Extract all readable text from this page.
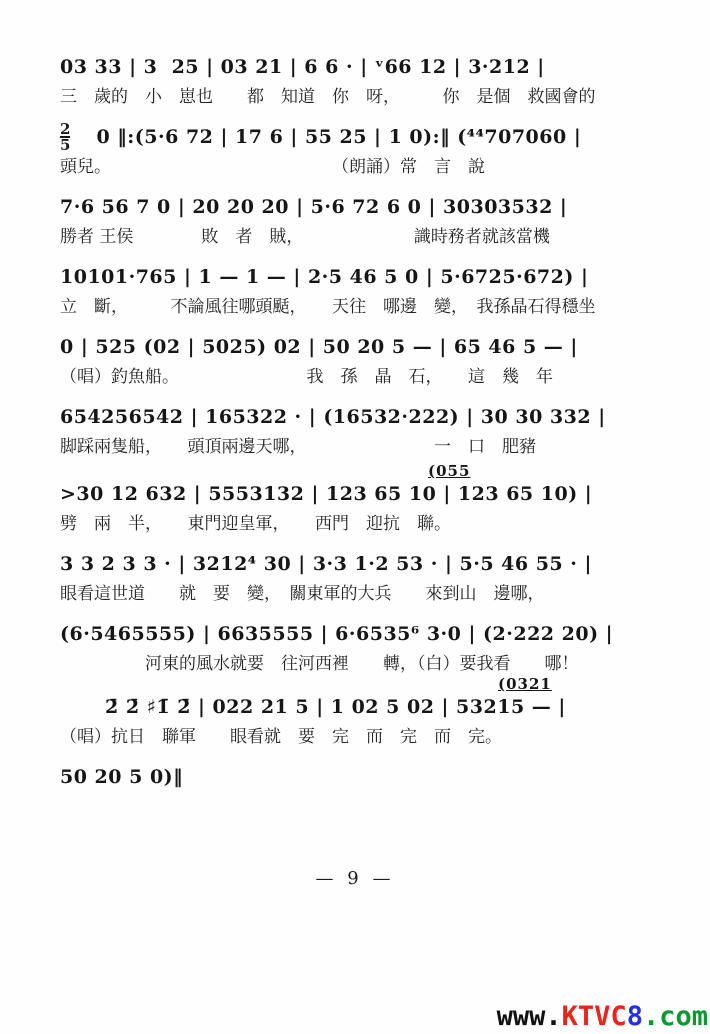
03 33 | 3  25 | 03 21 | 6 6 · | ᵛ66 12 | 3·212 |
三　歲的　小　崽也　　都　知道　你　呀，　　　你　是個　救國會的
2
5 0 ‖:(5·6 72 | 17 6 | 55 25 | 1 0):‖ (⁴⁴707060 |
頭兒。　　　　　　　　　　　　　　（朗誦）常　言　說
7·6 56 7 0 | 20 20 20 | 5·6 72 6 0 | 30303532 |
勝者 王侯　　　　敗　者　賊，　　　　　　　識時務者就該當機
10101·765 | 1 — 1 — | 2·5 46 5 0 | 5·6725·672) |
立　斷，　　　不論風往哪頭颳，　　天往　哪邊　變，　我孫晶石得穩坐
0 | 525 (02 | 5025) 02 | 50 20 5 — | 65 46 5 — |
（唱）釣魚船。　　　　　　　　我　孫　晶　石，　　這　幾　年
654256542 | 165322 · | (16532·222) | 30 30 332 |
脚踩兩隻船，　　頭頂兩邊天哪，　　　　　　　　一　口　肥豬
(055
>30 12 632 | 5553132 | 123 65 10 | 123 65 10) |
劈　兩　半，　　東門迎皇軍，　　西門　迎抗　聯。
3 3 2 3 3 · | 3212⁴ 30 | 3·3 1·2 53 · | 5·5 46 55 · |
眼看這世道　　就　要　變，　關東軍的大兵　　來到山　邊哪，
(6·5465555) | 6635555 | 6·6535⁶ 3·0 | (2·222 20) |
　　　　　河東的風水就要　往河西裡　　轉，（白）要我看　　哪！
(0321
2̄ 2̄ ♯1̄ 2̄ | 022 21 5 | 1 02 5 02 | 53215 — |
（唱）抗日　聯軍　　眼看就　要　完　而　完　而　完。
50 20 5 0)‖
— 9 —
www.KTVC8.com
